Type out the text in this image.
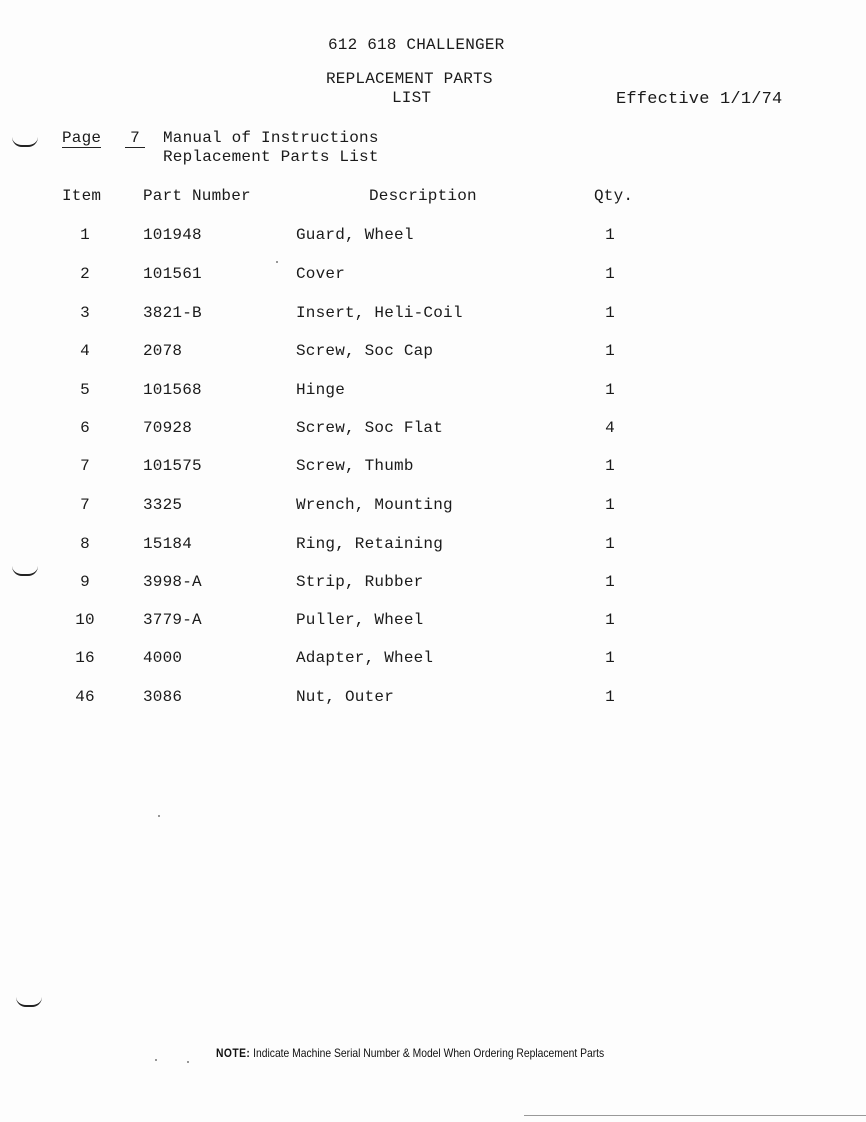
612 618 CHALLENGER
REPLACEMENT PARTS
LIST	Effective 1/1/74
Page	7	Manual of Instructions
Replacement Parts List
Item	Part Number	Description	Qty.
1	101948	Guard, Wheel	1
2	101561	Cover	1
3	3821-B	Insert, Heli-Coil	1
4	2078	Screw, Soc Cap	1
5	101568	Hinge	1
6	70928	Screw, Soc Flat	4
7	101575	Screw, Thumb	1
7	3325	Wrench, Mounting	1
8	15184	Ring, Retaining	1
9	3998-A	Strip, Rubber	1
10	3779-A	Puller, Wheel	1
16	4000	Adapter, Wheel	1
46	3086	Nut, Outer	1
NOTE: Indicate Machine Serial Number & Model When Ordering Replacement Parts
